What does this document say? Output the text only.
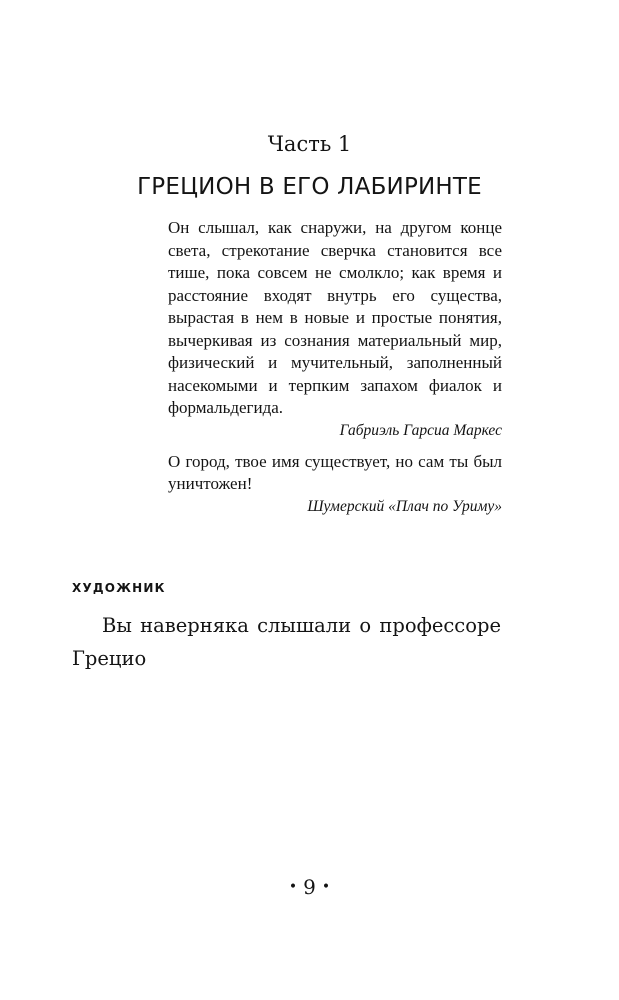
Часть 1
ГРЕЦИОН В ЕГО ЛАБИРИНТЕ

Он слышал, как снаружи, на другом конце света, стрекотание сверчка становится все тише, пока совсем не смолкло; как время и расстояние входят внутрь его существа, вырастая в нем в новые и простые понятия, вычеркивая из сознания материальный мир, физический и мучительный, заполненный насекомыми и терпким запахом фиалок и формальдегида.

Габриэль Гарсиа Маркес

О город, твое имя существует, но сам ты был уничтожен!

Шумерский «Плач по Уриму»

художник

Вы наверняка слышали о профессоре Грецио

• 9 •
